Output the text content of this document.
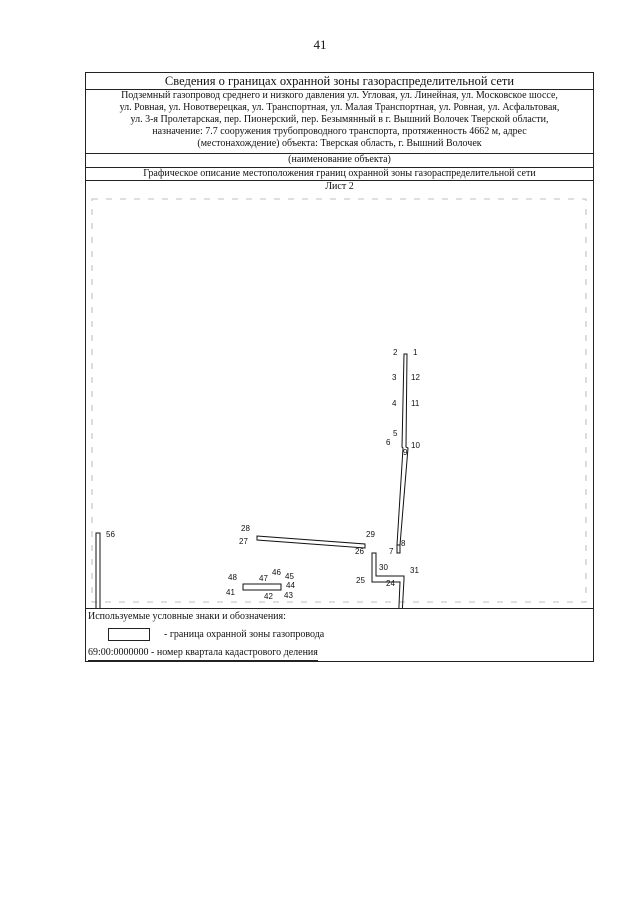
41
Сведения о границах охранной зоны газораспределительной сети
Подземный газопровод среднего и низкого давления ул. Угловая, ул. Линейная, ул. Московское шоссе,
ул. Ровная, ул. Новотверецкая, ул. Транспортная, ул. Малая Транспортная, ул. Ровная, ул. Асфальтовая,
ул. 3-я Пролетарская, пер. Пионерский, пер. Безымянный в г. Вышний Волочек Тверской области,
назначение: 7.7 сооружения трубопроводного транспорта, протяженность 4662 м, адрес
(местонахождение) объекта: Тверская область, г. Вышний Волочек
(наименование объекта)
Графическое описание местоположения границ охранной зоны газораспределительной сети
Лист 2
1
2
3 12
4 11
5
6	10
9
28
27
29
26	7
8
56
30	31
25	24
48	47
46 45
44
41	42 43
Используемые условные знаки и обозначения:
- граница охранной зоны газопровода
69:00:0000000 - номер квартала кадастрового деления
